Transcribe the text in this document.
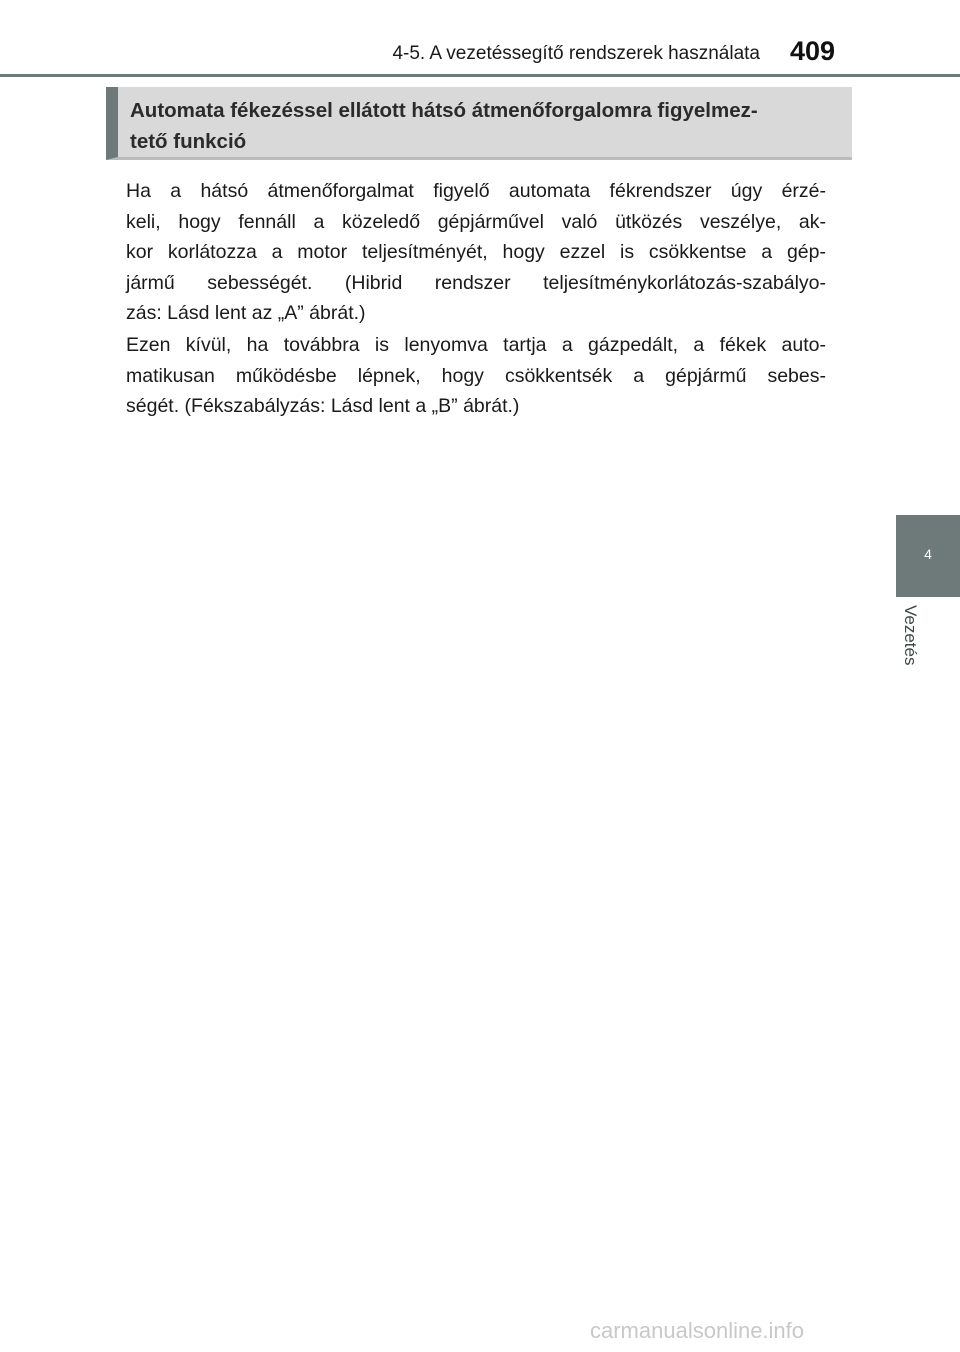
4-5. A vezetéssegítő rendszerek használata 409
Automata fékezéssel ellátott hátsó átmenőforgalomra figyelmez-
tető funkció

Ha a hátsó átmenőforgalmat figyelő automata fékrendszer úgy érzé-
keli, hogy fennáll a közeledő gépjárművel való ütközés veszélye, ak-
kor korlátozza a motor teljesítményét, hogy ezzel is csökkentse a gép-
jármű sebességét. (Hibrid rendszer teljesítménykorlátozás-szabályo-
zás: Lásd lent az „A” ábrát.)

Ezen kívül, ha továbbra is lenyomva tartja a gázpedált, a fékek auto-
matikusan működésbe lépnek, hogy csökkentsék a gépjármű sebes-
ségét. (Fékszabályzás: Lásd lent a „B” ábrát.)

4
Vezetés
carmanualsonline.info
